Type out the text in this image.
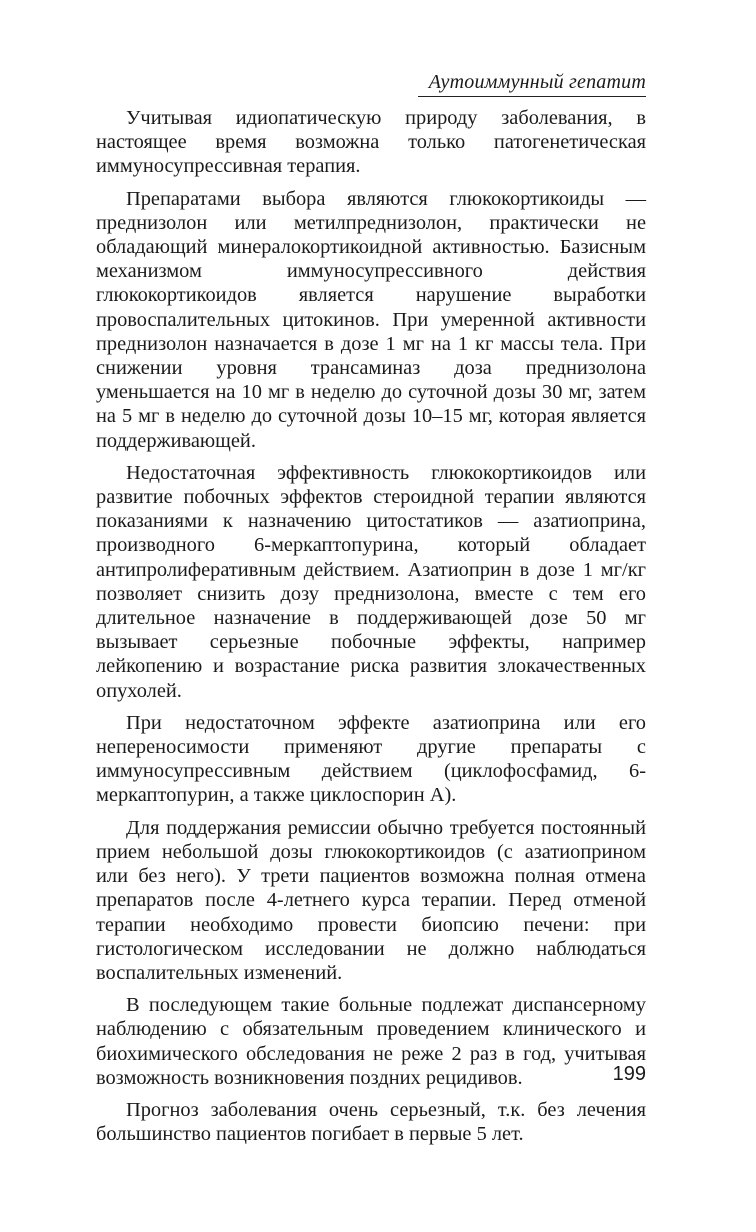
Аутоиммунный гепатит

Учитывая идиопатическую природу заболевания, в настоящее время возможна только патогенетическая иммуносупрессивная терапия.

Препаратами выбора являются глюкокортикоиды — преднизолон или метилпреднизолон, практически не обладающий минералокортикоидной активностью. Базисным механизмом иммуносупрессивного действия глюкокортикоидов является нарушение выработки провоспалительных цитокинов. При умеренной активности преднизолон назначается в дозе 1 мг на 1 кг массы тела. При снижении уровня трансаминаз доза преднизолона уменьшается на 10 мг в неделю до суточной дозы 30 мг, затем на 5 мг в неделю до суточной дозы 10–15 мг, которая является поддерживающей.

Недостаточная эффективность глюкокортикоидов или развитие побочных эффектов стероидной терапии являются показаниями к назначению цитостатиков — азатиоприна, производного 6-меркаптопурина, который обладает антипролиферативным действием. Азатиоприн в дозе 1 мг/кг позволяет снизить дозу преднизолона, вместе с тем его длительное назначение в поддерживающей дозе 50 мг вызывает серьезные побочные эффекты, например лейкопению и возрастание риска развития злокачественных опухолей.

При недостаточном эффекте азатиоприна или его непереносимости применяют другие препараты с иммуносупрессивным действием (циклофосфамид, 6-меркаптопурин, а также циклоспорин А).

Для поддержания ремиссии обычно требуется постоянный прием небольшой дозы глюкокортикоидов (с азатиоприном или без него). У трети пациентов возможна полная отмена препаратов после 4-летнего курса терапии. Перед отменой терапии необходимо провести биопсию печени: при гистологическом исследовании не должно наблюдаться воспалительных изменений.

В последующем такие больные подлежат диспансерному наблюдению с обязательным проведением клинического и биохимического обследования не реже 2 раз в год, учитывая возможность возникновения поздних рецидивов.

Прогноз заболевания очень серьезный, т.к. без лечения большинство пациентов погибает в первые 5 лет.

199
